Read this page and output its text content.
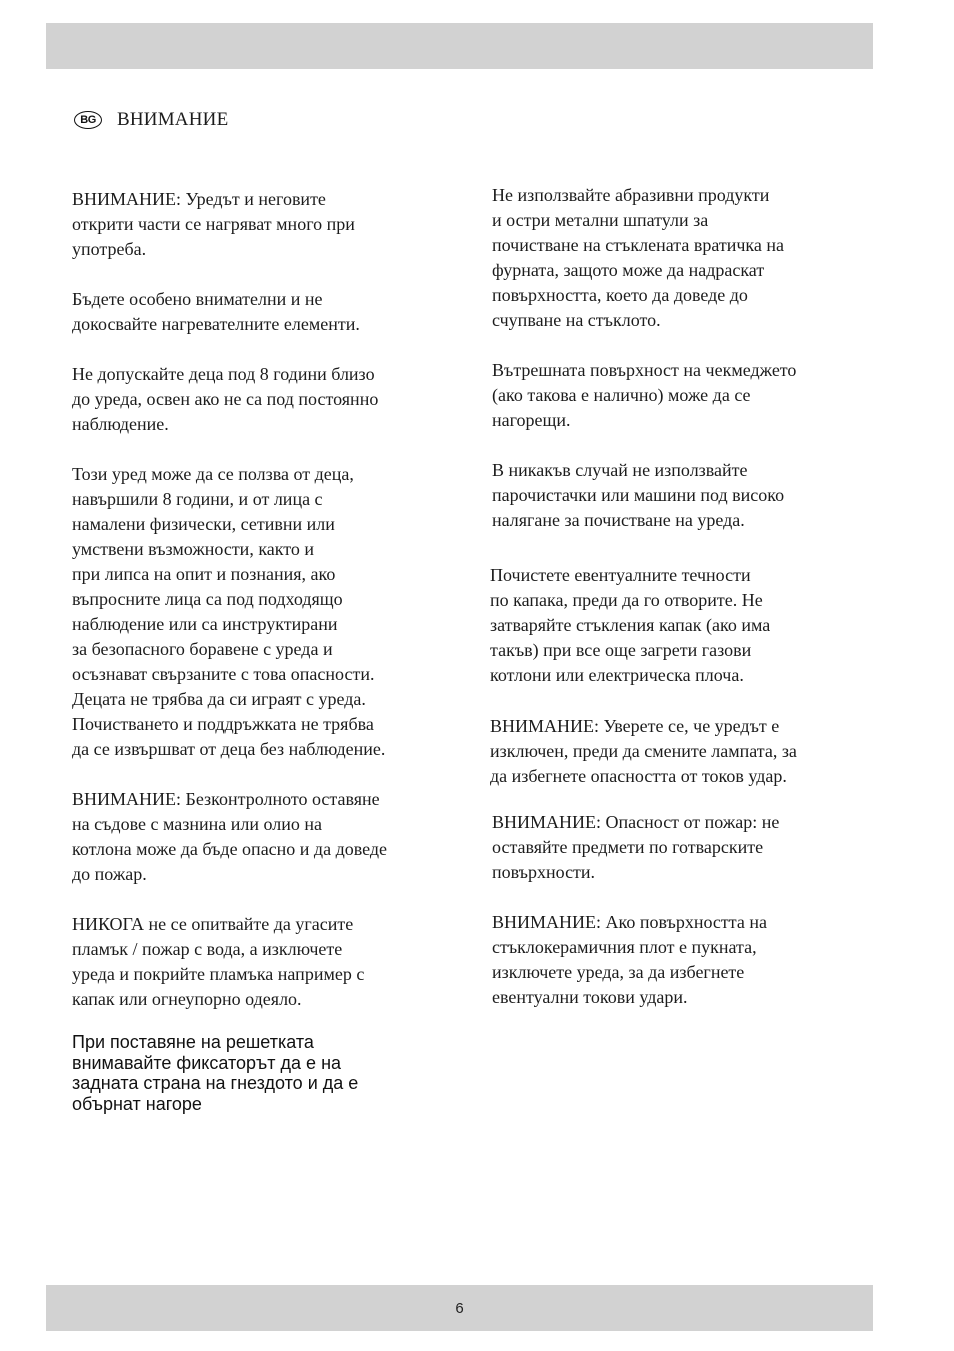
BG	ВНИМАНИЕ

ВНИМАНИЕ: Уредът и неговите
открити части се нагряват много при
употреба.

Бъдете особено внимателни и не
докосвайте нагревателните елементи.

Не допускайте деца под 8 години близо
до уреда, освен ако не са под постоянно
наблюдение.

Този уред може да се ползва от деца,
навършили 8 години, и от лица с
намалени физически, сетивни или
умствени възможности, както и
при липса на опит и познания, ако
въпросните лица са под подходящо
наблюдение или са инструктирани
за безопасного боравене с уреда и
осъзнават свързаните с това опасности.
Децата не трябва да си играят с уреда.
Почистването и поддръжката не трябва
да се извършват от деца без наблюдение.

ВНИМАНИЕ: Безконтролното оставяне
на съдове с мазнина или олио на
котлона може да бъде опасно и да доведе
до пожар.

НИКОГА не се опитвайте да угасите
пламък / пожар с вода, а изключете
уреда и покрийте пламъка например с
капак или огнеупорно одеяло.

При поставяне на решетката
внимавайте фиксаторът да е на
задната страна на гнездото и да е
обърнат нагоре

Не използвайте абразивни продукти
и остри метални шпатули за
почистване на стъклената вратичка на
фурната, защото може да надраскат
повърхността, което да доведе до
счупване на стъклото.

Вътрешната повърхност на чекмеджето
(ако такова е налично) може да се
нагорещи.

В никакъв случай не използвайте
парочистачки или машини под високо
налягане за почистване на уреда.

Почистете евентуалните течности
по капака, преди да го отворите. Не
затваряйте стъкления капак (ако има
такъв) при все още загрети газови
котлони или електрическа плоча.

ВНИМАНИЕ: Уверете се, че уредът е
изключен, преди да смените лампата, за
да избегнете опасността от токов удар.

ВНИМАНИЕ: Опасност от пожар: не
оставяйте предмети по готварските
повърхности.

ВНИМАНИЕ: Ако повърхността на
стъклокерамичния плот е пукната,
изключете уреда, за да избегнете
евентуални токови удари.

6
